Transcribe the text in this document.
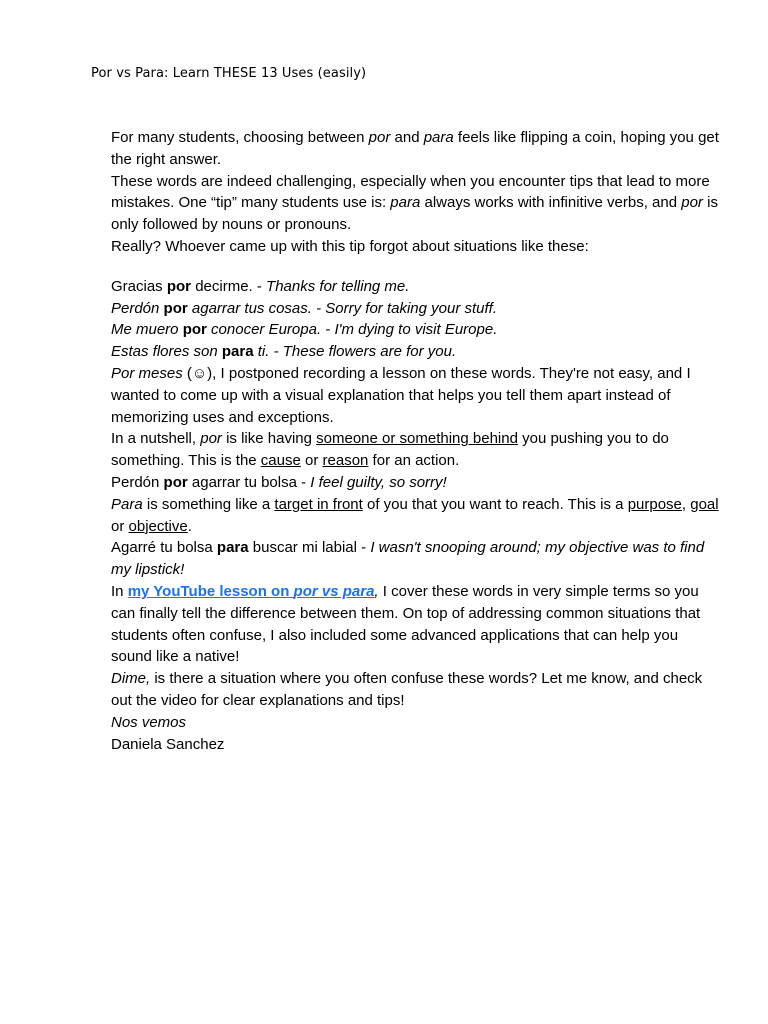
Por vs Para: Learn THESE 13 Uses (easily)

For many students, choosing between por and para feels like flipping a coin, hoping you get the right answer.

These words are indeed challenging, especially when you encounter tips that lead to more mistakes. One “tip” many students use is: para always works with infinitive verbs, and por is only followed by nouns or pronouns.

Really? Whoever came up with this tip forgot about situations like these:

Gracias por decirme. - Thanks for telling me.

Perdón por agarrar tus cosas. - Sorry for taking your stuff.

Me muero por conocer Europa. - I'm dying to visit Europe.

Estas flores son para ti. - These flowers are for you.

Por meses (☺), I postponed recording a lesson on these words. They're not easy, and I wanted to come up with a visual explanation that helps you tell them apart instead of memorizing uses and exceptions.

In a nutshell, por is like having someone or something behind you pushing you to do something. This is the cause or reason for an action.

Perdón por agarrar tu bolsa - I feel guilty, so sorry!

Para is something like a target in front of you that you want to reach. This is a purpose, goal or objective.

Agarré tu bolsa para buscar mi labial - I wasn't snooping around; my objective was to find my lipstick!

In my YouTube lesson on por vs para, I cover these words in very simple terms so you can finally tell the difference between them. On top of addressing common situations that students often confuse, I also included some advanced applications that can help you sound like a native!

Dime, is there a situation where you often confuse these words? Let me know, and check out the video for clear explanations and tips!

Nos vemos

Daniela Sanchez
